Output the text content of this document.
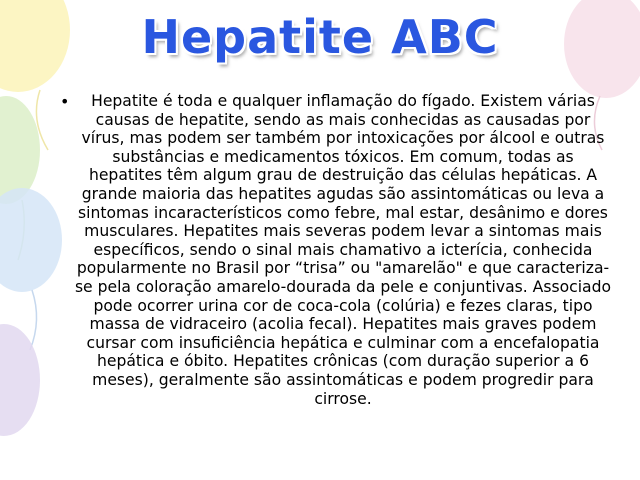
Hepatite ABC
•	Hepatite é toda e qualquer inflamação do fígado. Existem várias causas de hepatite, sendo as mais conhecidas as causadas por vírus, mas podem ser também por intoxicações por álcool e outras substâncias e medicamentos tóxicos. Em comum, todas as hepatites têm algum grau de destruição das células hepáticas. A grande maioria das hepatites agudas são assintomáticas ou leva a sintomas incaracterísticos como febre, mal estar, desânimo e dores musculares. Hepatites mais severas podem levar a sintomas mais específicos, sendo o sinal mais chamativo a icterícia, conhecida popularmente no Brasil por “trisa” ou "amarelão" e que caracteriza-se pela coloração amarelo-dourada da pele e conjuntivas. Associado pode ocorrer urina cor de coca-cola (colúria) e fezes claras, tipo massa de vidraceiro (acolia fecal). Hepatites mais graves podem cursar com insuficiência hepática e culminar com a encefalopatia hepática e óbito. Hepatites crônicas (com duração superior a 6 meses), geralmente são assintomáticas e podem progredir para cirrose.
